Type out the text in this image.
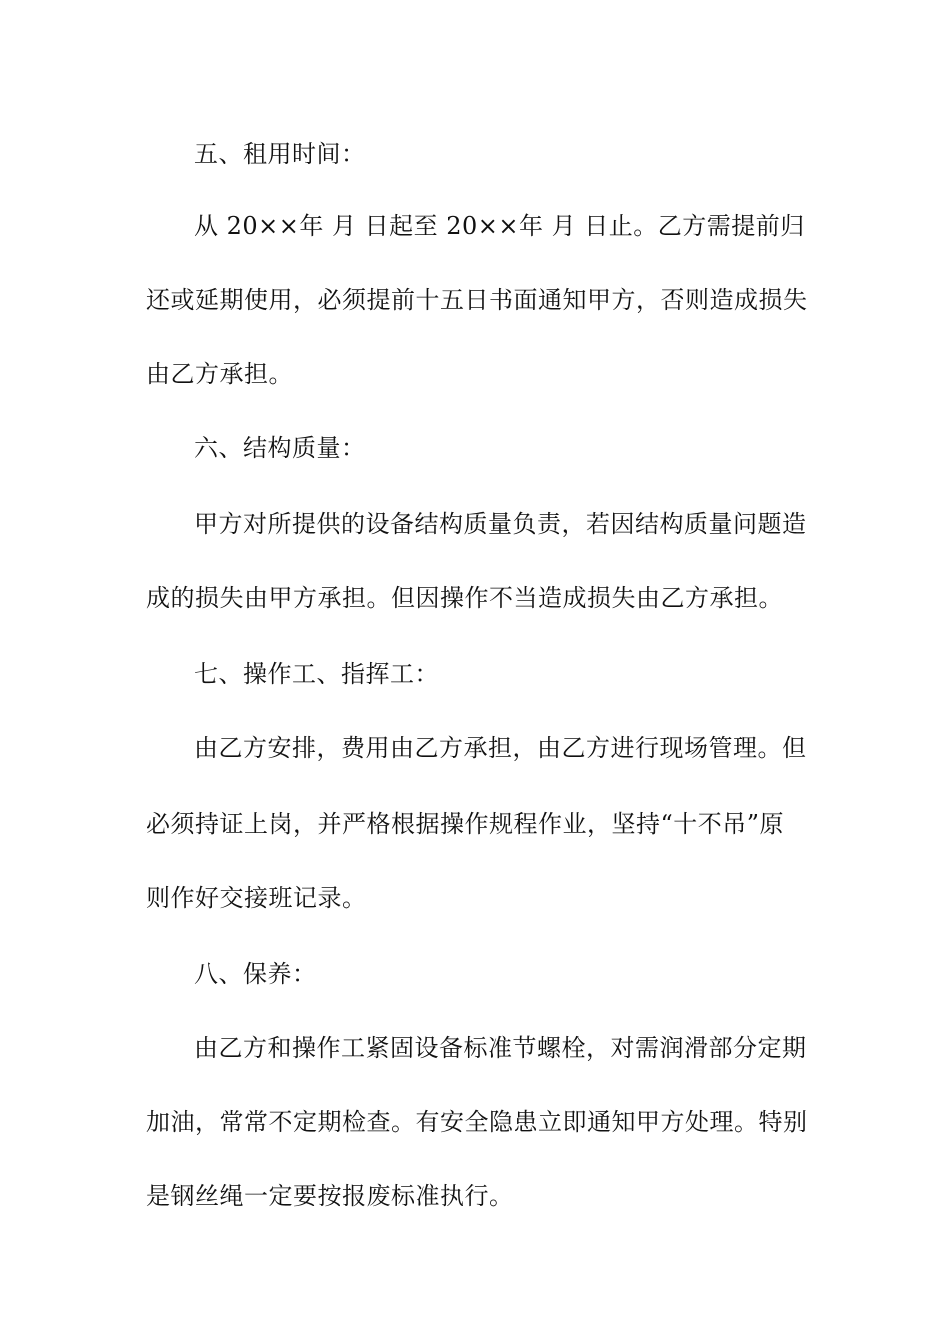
五、租用时间：
从 20××年 月 日起至 20××年 月 日止。乙方需提前归
还或延期使用，必须提前十五日书面通知甲方，否则造成损失
由乙方承担。
六、结构质量：
甲方对所提供的设备结构质量负责，若因结构质量问题造
成的损失由甲方承担。但因操作不当造成损失由乙方承担。
七、操作工、指挥工：
由乙方安排，费用由乙方承担，由乙方进行现场管理。但
必须持证上岗，并严格根据操作规程作业，坚持“十不吊”原
则作好交接班记录。
八、保养：
由乙方和操作工紧固设备标准节螺栓，对需润滑部分定期
加油，常常不定期检查。有安全隐患立即通知甲方处理。特别
是钢丝绳一定要按报废标准执行。
